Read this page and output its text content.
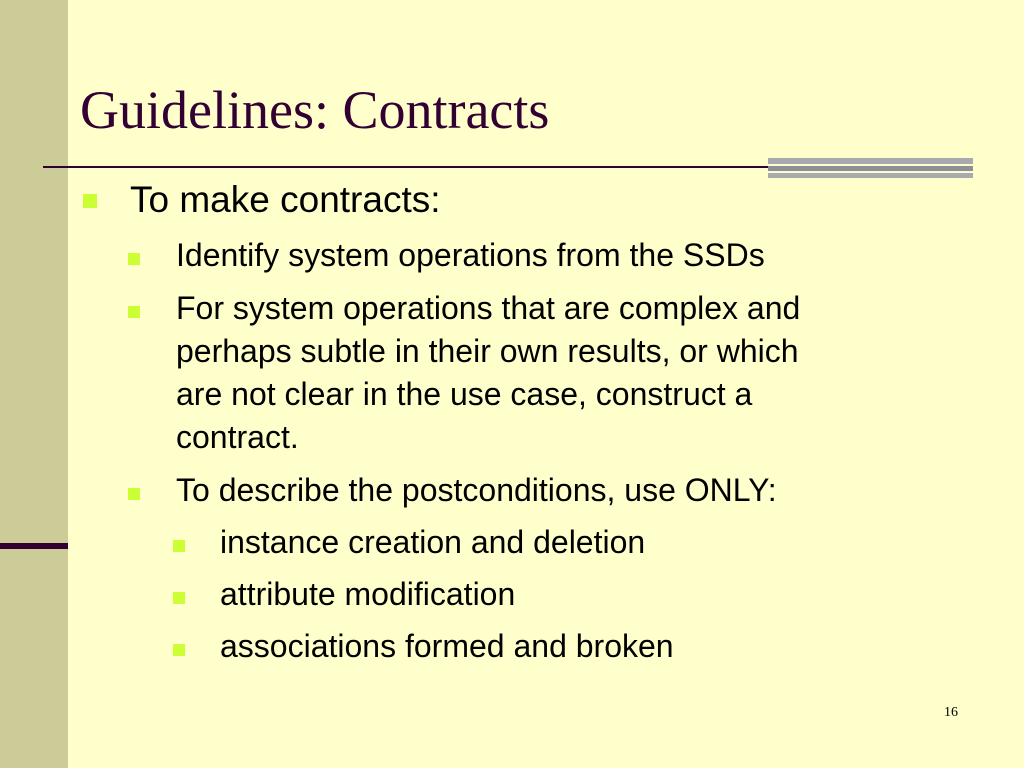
Guidelines: Contracts
To make contracts:
Identify system operations from the SSDs
For system operations that are complex and
perhaps subtle in their own results, or which
are not clear in the use case, construct a
contract.
To describe the postconditions, use ONLY:
instance creation and deletion
attribute modification
associations formed and broken
16
